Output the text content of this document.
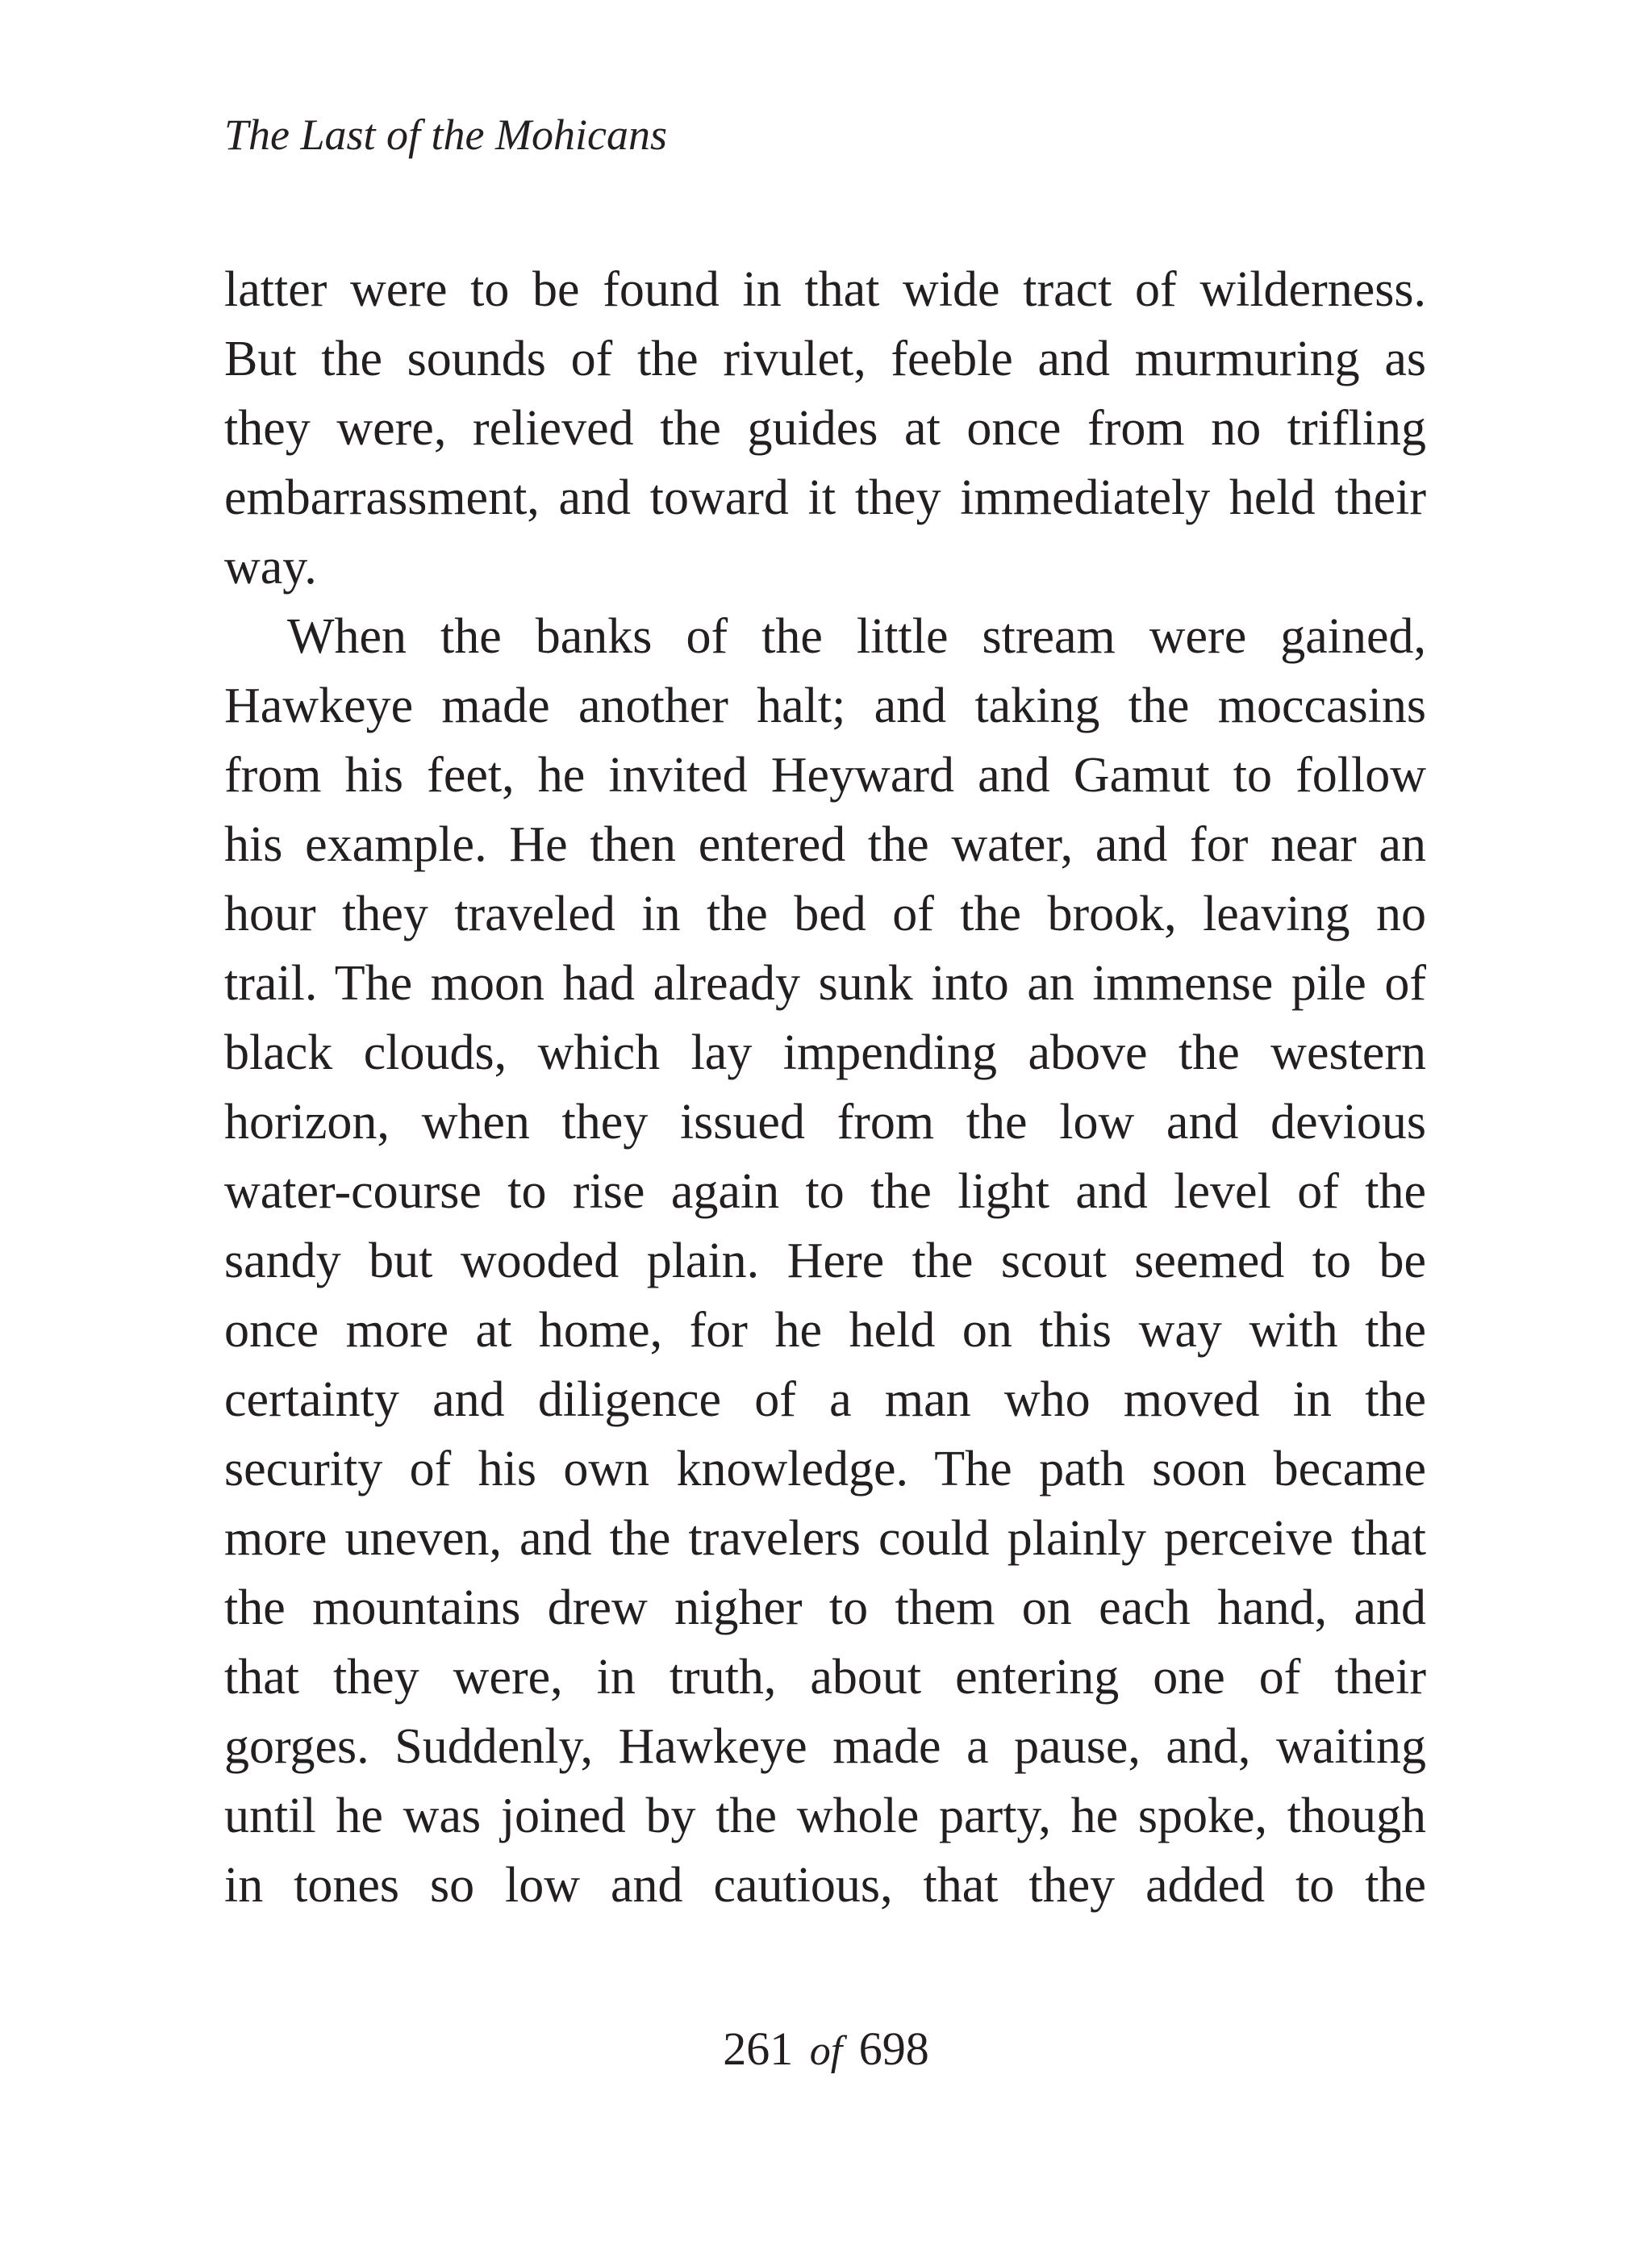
The Last of the Mohicans
latter were to be found in that wide tract of wilderness.
But the sounds of the rivulet, feeble and murmuring as
they were, relieved the guides at once from no trifling
embarrassment, and toward it they immediately held their
way.
When the banks of the little stream were gained,
Hawkeye made another halt; and taking the moccasins
from his feet, he invited Heyward and Gamut to follow
his example. He then entered the water, and for near an
hour they traveled in the bed of the brook, leaving no
trail. The moon had already sunk into an immense pile of
black clouds, which lay impending above the western
horizon, when they issued from the low and devious
water-course to rise again to the light and level of the
sandy but wooded plain. Here the scout seemed to be
once more at home, for he held on this way with the
certainty and diligence of a man who moved in the
security of his own knowledge. The path soon became
more uneven, and the travelers could plainly perceive that
the mountains drew nigher to them on each hand, and
that they were, in truth, about entering one of their
gorges. Suddenly, Hawkeye made a pause, and, waiting
until he was joined by the whole party, he spoke, though
in tones so low and cautious, that they added to the
261 of 698
